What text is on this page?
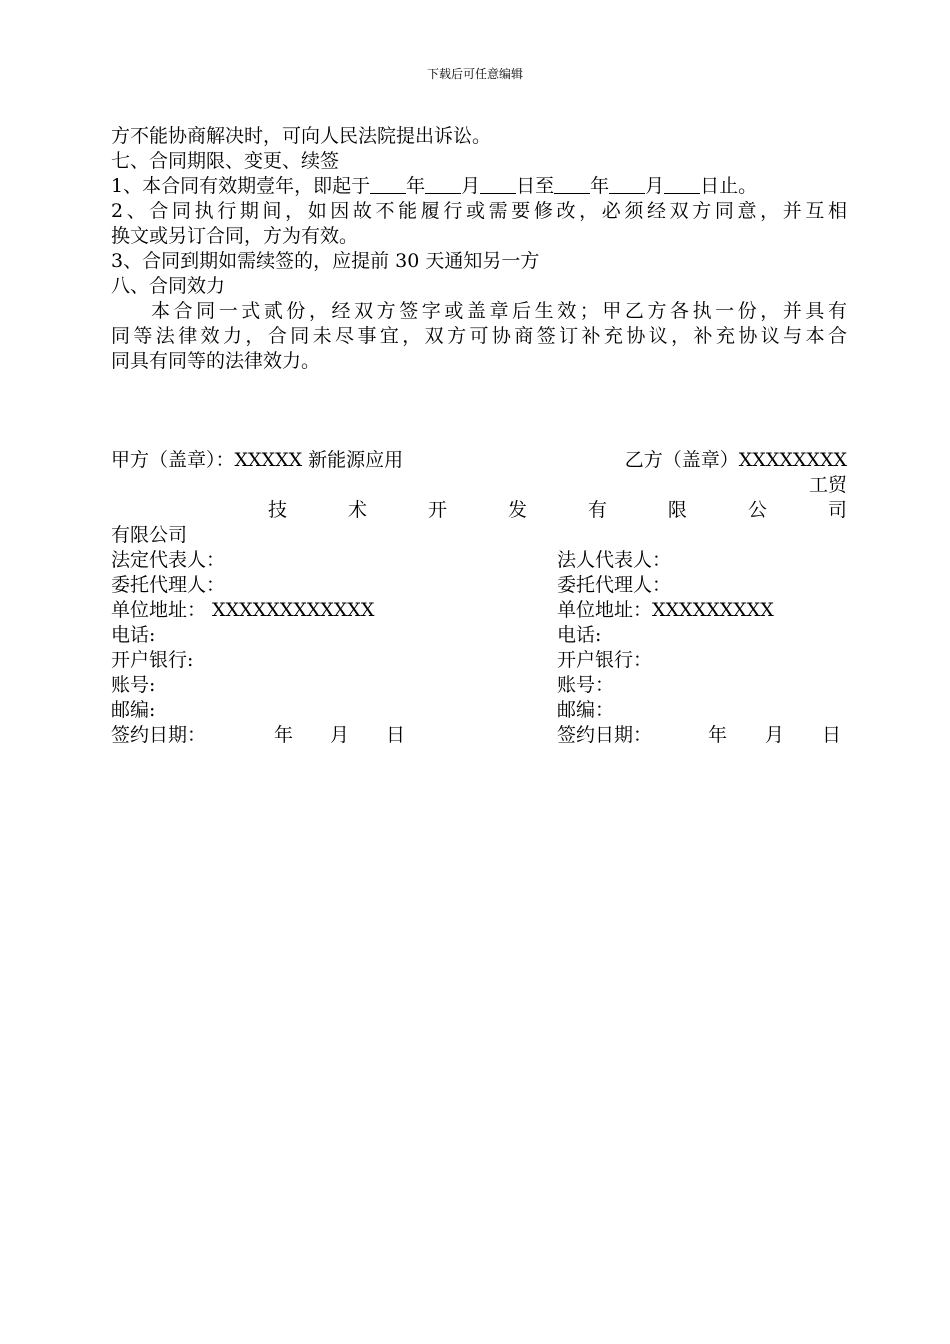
下载后可任意编辑
方不能协商解决时，可向人民法院提出诉讼。
七、合同期限、变更、续签
1、本合同有效期壹年，即起于 年 月 日至 年 月 日止。
2、合同执行期间，如因故不能履行或需要修改，必须经双方同意，并互相
换文或另订合同，方为有效。
3、合同到期如需续签的，应提前 30 天通知另一方
八、合同效力
本合同一式贰份，经双方签字或盖章后生效；甲乙方各执一份，并具有
同等法律效力，合同未尽事宜，双方可协商签订补充协议，补充协议与本合
同具有同等的法律效力。
甲方（盖章）：XXXXX 新能源应用	乙方（盖章）XXXXXXXX
工贸
技	术	开	发	有	限	公	司
有限公司
法定代表人：	法人代表人：
委托代理人：	委托代理人：
单位地址： XXXXXXXXXXXX	单位地址：XXXXXXXXX
电话:	电话:
开户银行:	开户银行：
账号:	账号：
邮编:	邮编：
签约日期：	年 月 日	签约日期：	年 月 日
